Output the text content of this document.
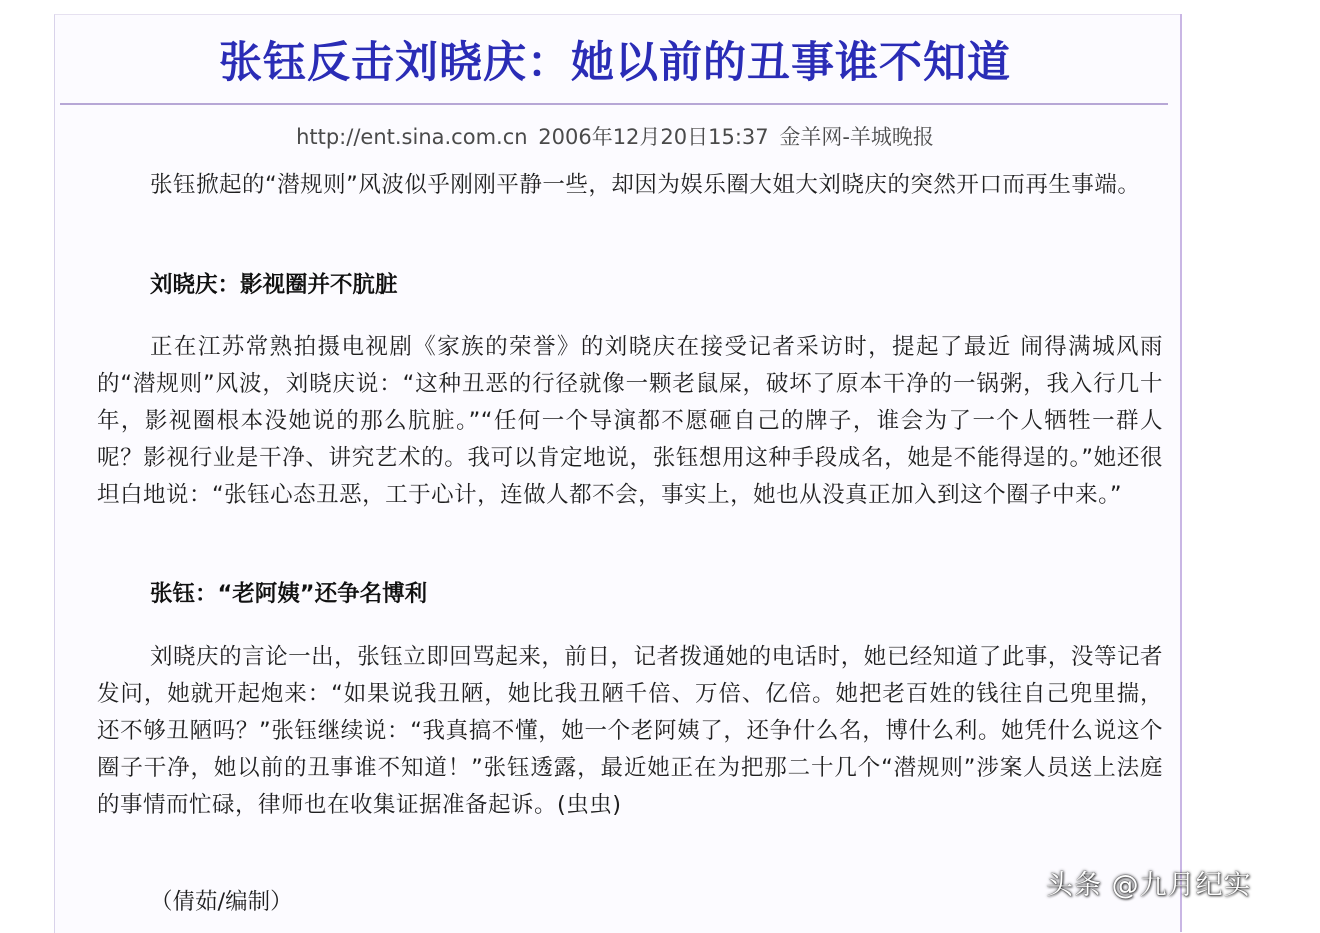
张钰反击刘晓庆：她以前的丑事谁不知道
http://ent.sina.com.cn 2006年12月20日15:37 金羊网-羊城晚报

张钰掀起的“潜规则”风波似乎刚刚平静一些，却因为娱乐圈大姐大刘晓庆的突然开口而再生事端。

刘晓庆：影视圈并不肮脏

正在江苏常熟拍摄电视剧《家族的荣誉》的刘晓庆在接受记者采访时，提起了最近 闹得满城风雨的“潜规则”风波，刘晓庆说：“这种丑恶的行径就像一颗老鼠屎，破坏了原本干净的一锅粥，我入行几十年，影视圈根本没她说的那么肮脏。”“任何一个导演都不愿砸自己的牌子，谁会为了一个人牺牲一群人呢？影视行业是干净、讲究艺术的。我可以肯定地说，张钰想用这种手段成名，她是不能得逞的。”她还很坦白地说：“张钰心态丑恶，工于心计，连做人都不会，事实上，她也从没真正加入到这个圈子中来。”

张钰：“老阿姨”还争名博利

刘晓庆的言论一出，张钰立即回骂起来，前日，记者拨通她的电话时，她已经知道了此事，没等记者发问，她就开起炮来：“如果说我丑陋，她比我丑陋千倍、万倍、亿倍。她把老百姓的钱往自己兜里揣，还不够丑陋吗？”张钰继续说：“我真搞不懂，她一个老阿姨了，还争什么名，博什么利。她凭什么说这个圈子干净，她以前的丑事谁不知道！”张钰透露，最近她正在为把那二十几个“潜规则”涉案人员送上法庭的事情而忙碌，律师也在收集证据准备起诉。(虫虫)

（倩茹/编制）

头条 @九月纪实
